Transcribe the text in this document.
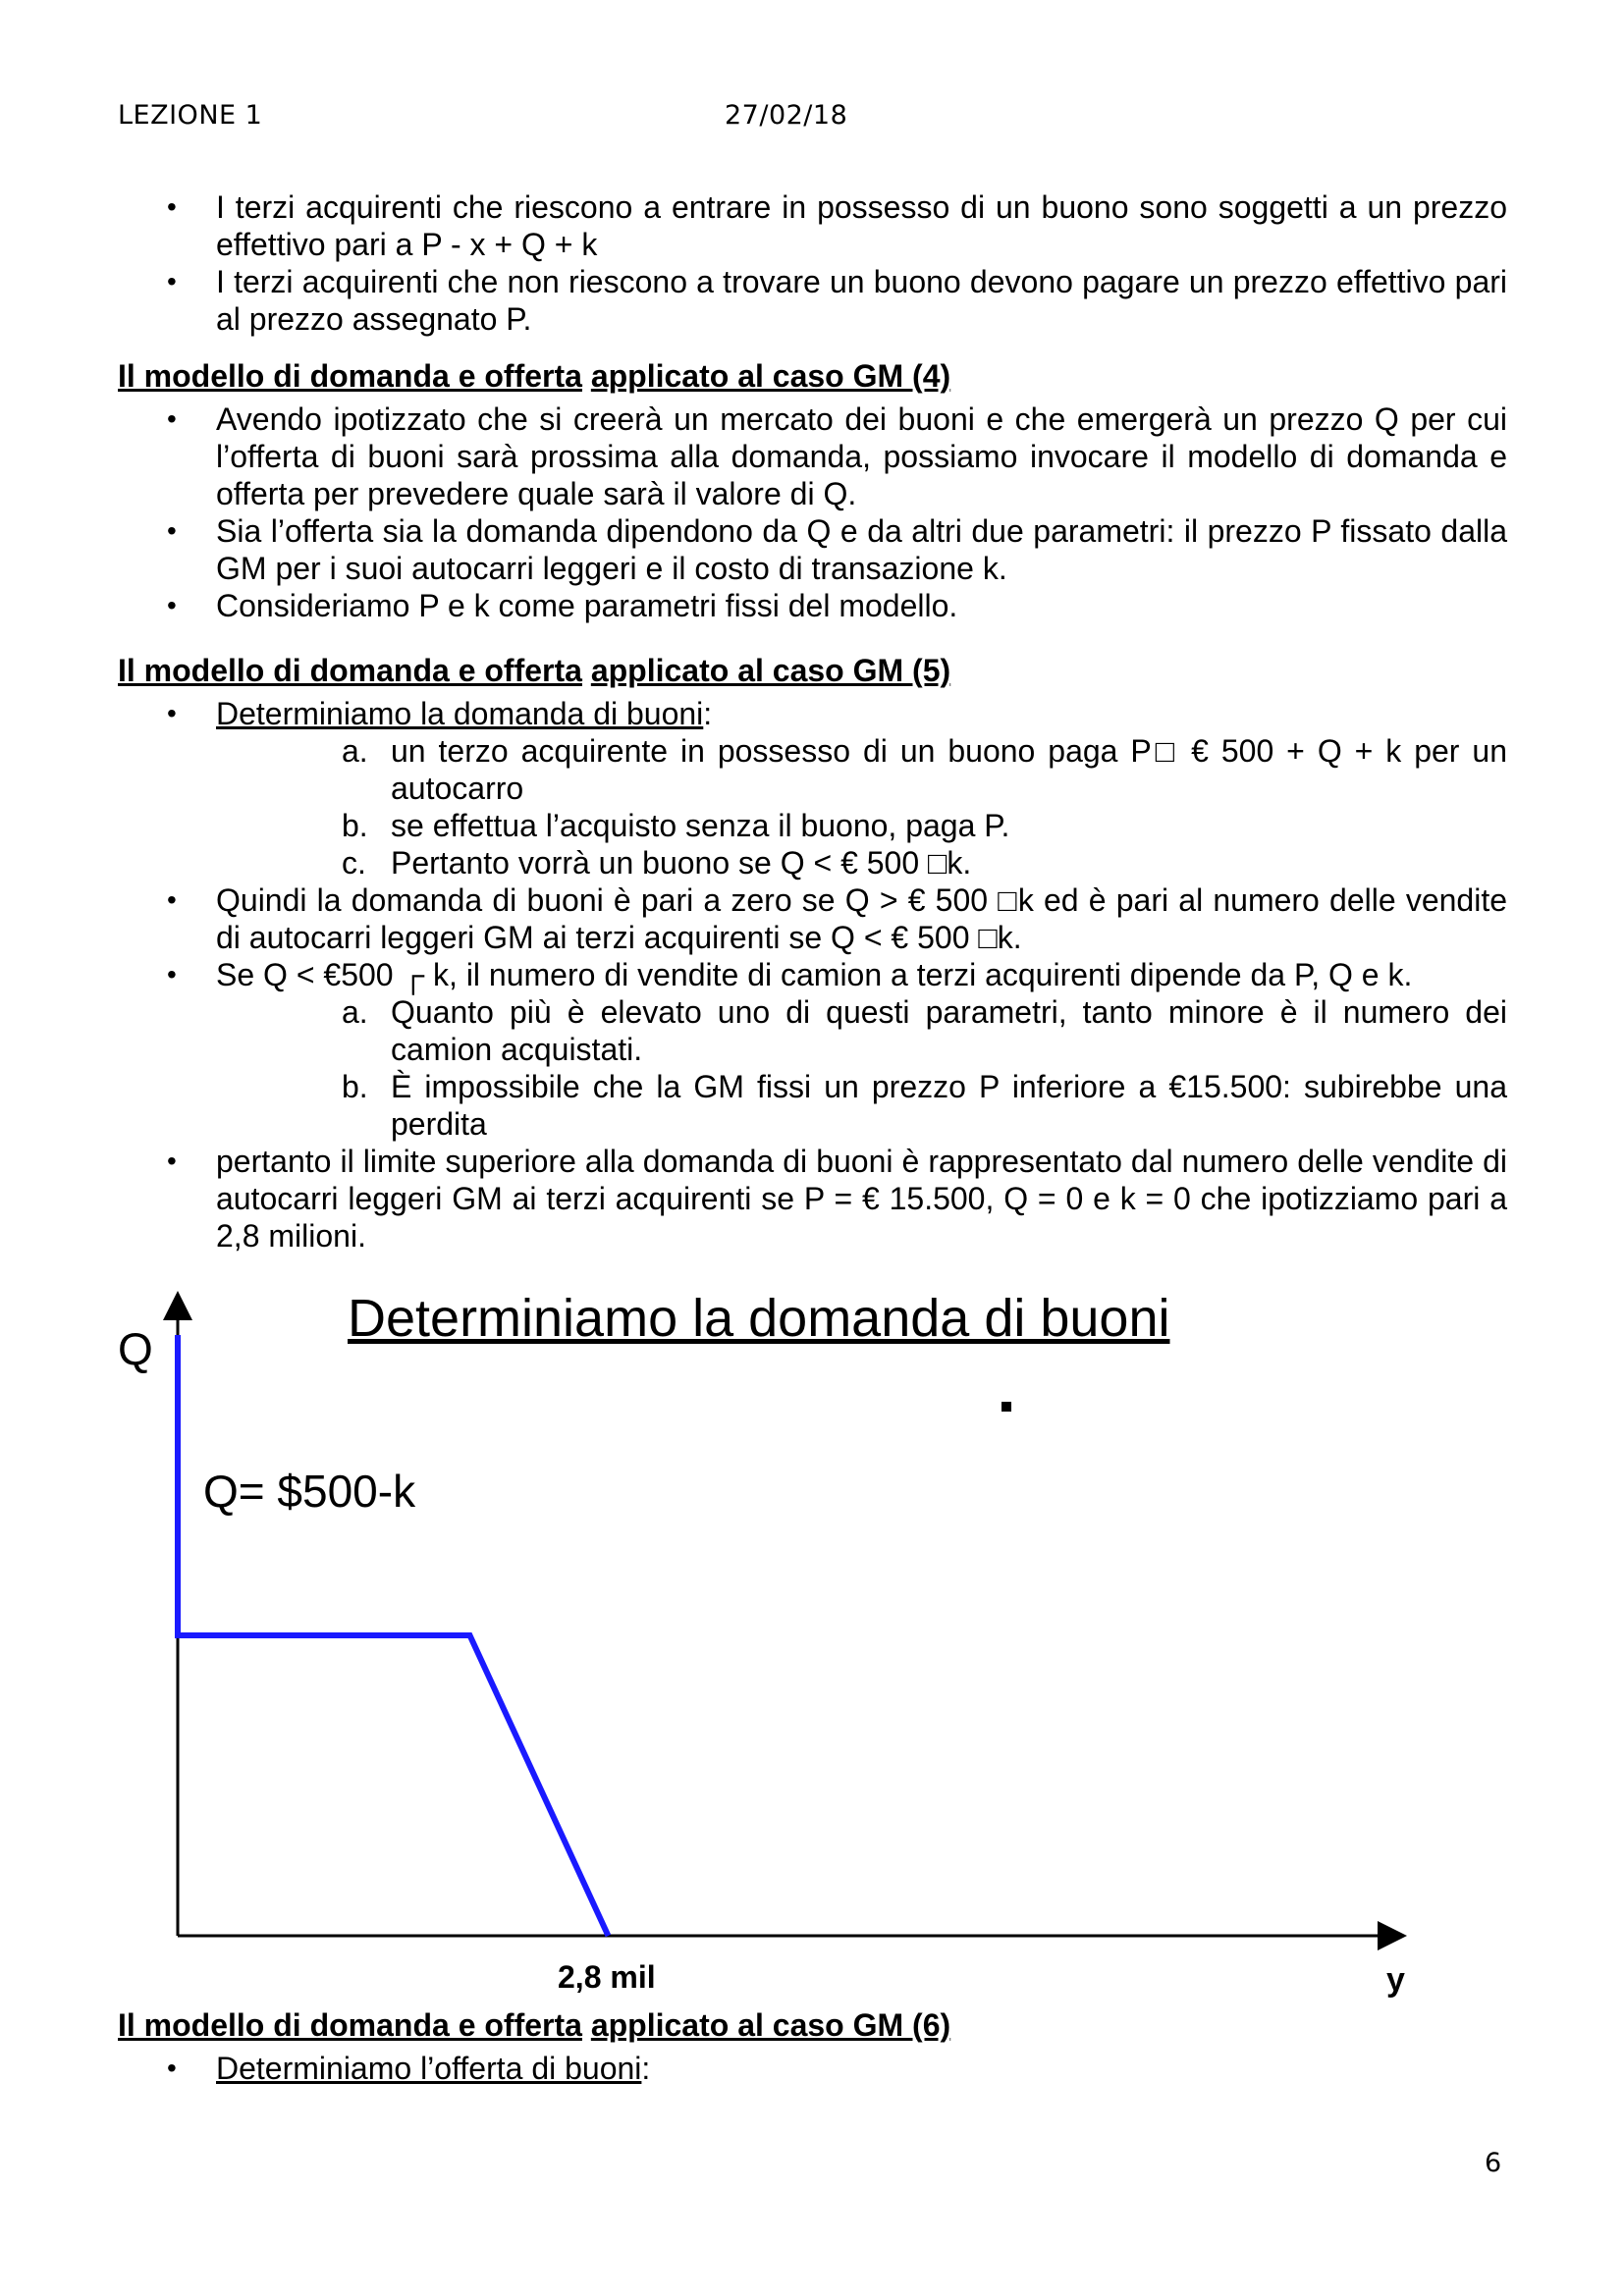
LEZIONE 1	27/02/18
• I terzi acquirenti che riescono a entrare in possesso di un buono sono soggetti a un prezzo effettivo pari a P - x + Q + k
• I terzi acquirenti che non riescono a trovare un buono devono pagare un prezzo effettivo pari al prezzo assegnato P.
Il modello di domanda e offerta applicato al caso GM (4)
• Avendo ipotizzato che si creerà un mercato dei buoni e che emergerà un prezzo Q per cui l’offerta di buoni sarà prossima alla domanda, possiamo invocare il modello di domanda e offerta per prevedere quale sarà il valore di Q.
• Sia l’offerta sia la domanda dipendono da Q e da altri due parametri: il prezzo P fissato dalla GM per i suoi autocarri leggeri e il costo di transazione k.
• Consideriamo P e k come parametri fissi del modello.
Il modello di domanda e offerta applicato al caso GM (5)
• Determiniamo la domanda di buoni:
a. un terzo acquirente in possesso di un buono paga P□ € 500 + Q + k per un autocarro
b. se effettua l’acquisto senza il buono, paga P.
c. Pertanto vorrà un buono se Q < € 500 □k.
• Quindi la domanda di buoni è pari a zero se Q > € 500 □k ed è pari al numero delle vendite di autocarri leggeri GM ai terzi acquirenti se Q < € 500 □k.
• Se Q < €500 ┌ k, il numero di vendite di camion a terzi acquirenti dipende da P, Q e k.
a. Quanto più è elevato uno di questi parametri, tanto minore è il numero dei camion acquistati.
b. È impossibile che la GM fissi un prezzo P inferiore a €15.500: subirebbe una perdita
• pertanto il limite superiore alla domanda di buoni è rappresentato dal numero delle vendite di autocarri leggeri GM ai terzi acquirenti se P = € 15.500, Q = 0 e k = 0 che ipotizziamo pari a 2,8 milioni.
Determiniamo la domanda di buoni
Q
Q= $500-k
2,8 mil	y
Il modello di domanda e offerta applicato al caso GM (6)
• Determiniamo l’offerta di buoni:
6
